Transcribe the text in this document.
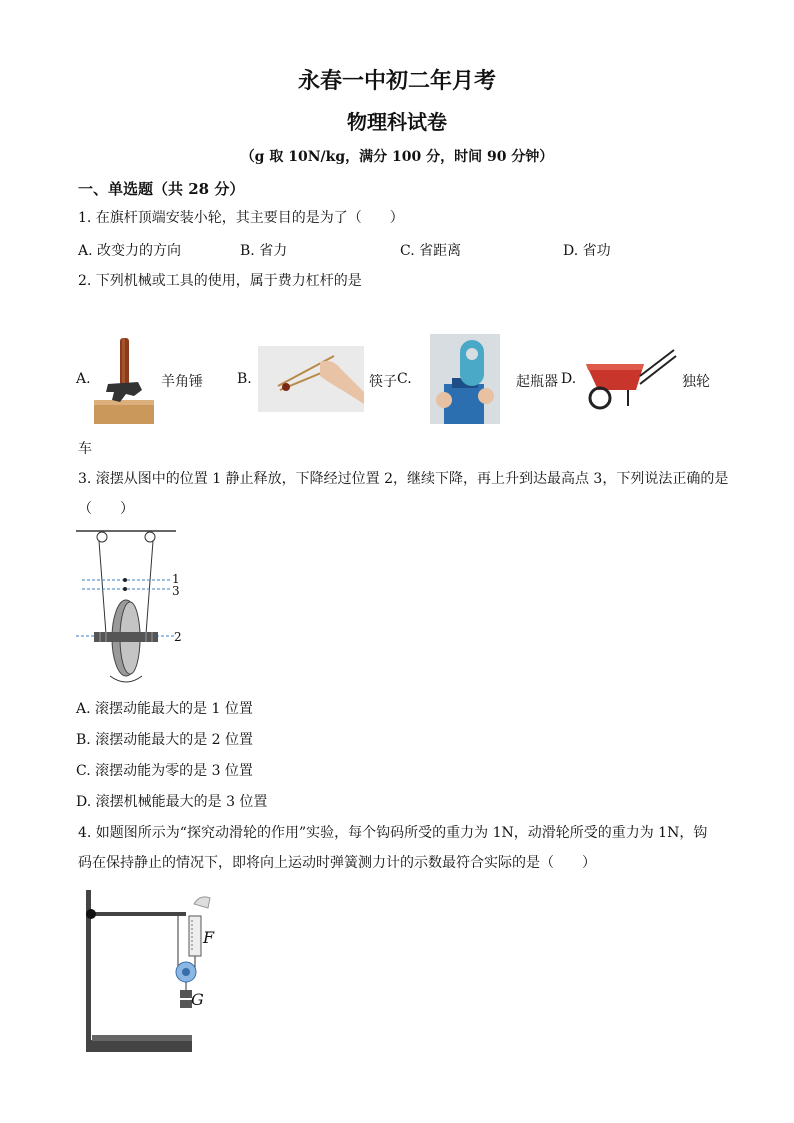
永春一中初二年月考
物理科试卷
（g 取 10N/kg，满分 100 分，时间 90 分钟）
一、单选题（共 28 分）
1. 在旗杆顶端安装小轮，其主要目的是为了（　　）
A. 改变力的方向	B. 省力	C. 省距离	D. 省功
2. 下列机械或工具的使用，属于费力杠杆的是
A.	羊角锤 B.	筷子 C.	起瓶器 D.	独轮
车
3. 滚摆从图中的位置 1 静止释放，下降经过位置 2，继续下降，再上升到达最高点 3，下列说法正确的是
（　　）
1
3
2
A. 滚摆动能最大的是 1 位置
B. 滚摆动能最大的是 2 位置
C. 滚摆动能为零的是 3 位置
D. 滚摆机械能最大的是 3 位置
4. 如题图所示为“探究动滑轮的作用”实验，每个钩码所受的重力为 1N，动滑轮所受的重力为 1N，钩
码在保持静止的情况下，即将向上运动时弹簧测力计的示数最符合实际的是（　　）
F
G
